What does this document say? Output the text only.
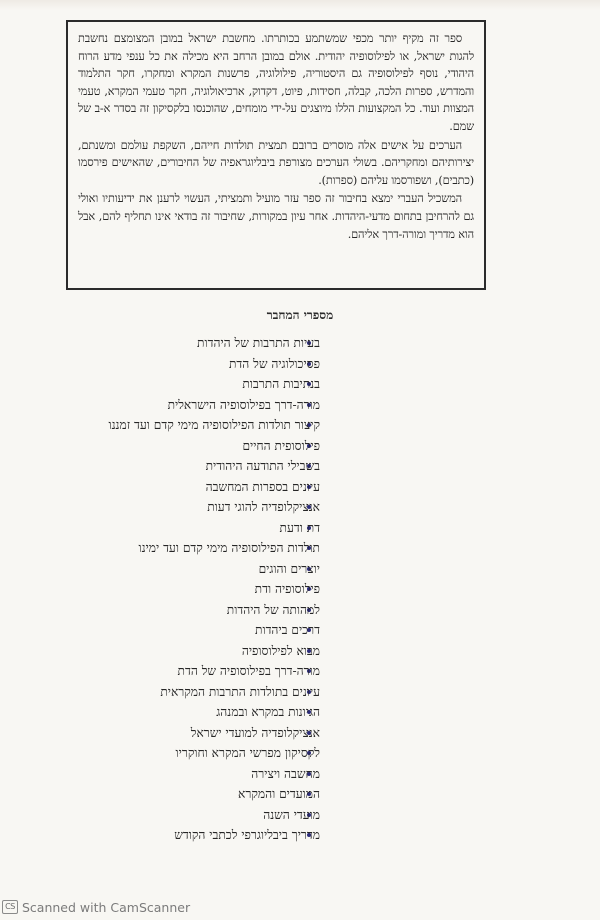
ספר זה מקיף יותר מכפי שמשתמע בכותרתו. מחשבת ישראל במובן המצומצם נחשבת להגות ישראל, או לפילוסופיה יהודית. אולם במובן הרחב היא מכילה את כל ענפי מדע הרוח היהודי, נוסף לפילוסופיה גם היסטוריה, פילולוגיה, פרשנות המקרא ומחקרו, חקר התלמוד והמדרש, ספרות הלכה, קבלה, חסידות, פיוט, דקדוק, ארכיאולוגיה, חקר טעמי המקרא, טעמי המצוות ועוד. כל המקצועות הללו מיוצגים על-ידי מומחים, שהוכנסו בלקסיקון זה בסדר א-ב של שמם.

הערכים על אישים אלה מוסרים ברובם תמצית תולדות חייהם, השקפת עולמם ומשנתם, יצירותיהם ומחקריהם. בשולי הערכים מצורפת ביבליוגראפיה של החיבורים, שהאישים פירסמו (כתבים), ושפורסמו עליהם (ספרות).

המשכיל העברי ימצא בחיבור זה ספר עזר מועיל ותמציתי, העשוי לרענן את ידיעותיו ואולי גם להרחיבן בתחום מדעי-היהדות. אחר עיון במקורות, שחיבור זה בודאי אינו תחליף להם, אבל הוא מדריך ומורה-דרך אליהם.

מספרי המחבר
בעיות התרבות של היהדות
פסיכולוגיה של הדת
בנתיבות התרבות
מורה-דרך בפילוסופיה הישראלית
קיצור תולדות הפילוסופיה מימי קדם ועד זמננו
פילוסופית החיים
בשבילי התודעה היהודית
עיונים בספרות המחשבה
אנציקלופדיה להוגי דעות
דת ודעת
תולדות הפילוסופיה מימי קדם ועד ימינו
יוצרים והוגים
פילוסופיה ודת
למהותה של היהדות
דרכים ביהדות
מבוא לפילוסופיה
מורה-דרך בפילוסופיה של הדת
עיונים בתולדות התרבות המקראית
הגיונות במקרא ובמנהג
אנציקלופדיה למועדי ישראל
לקסיקון מפרשי המקרא וחוקריו
מחשבה ויצירה
המועדים והמקרא
מועדי השנה
מדריך ביבליוגרפי לכתבי הקודש
CS Scanned with CamScanner
